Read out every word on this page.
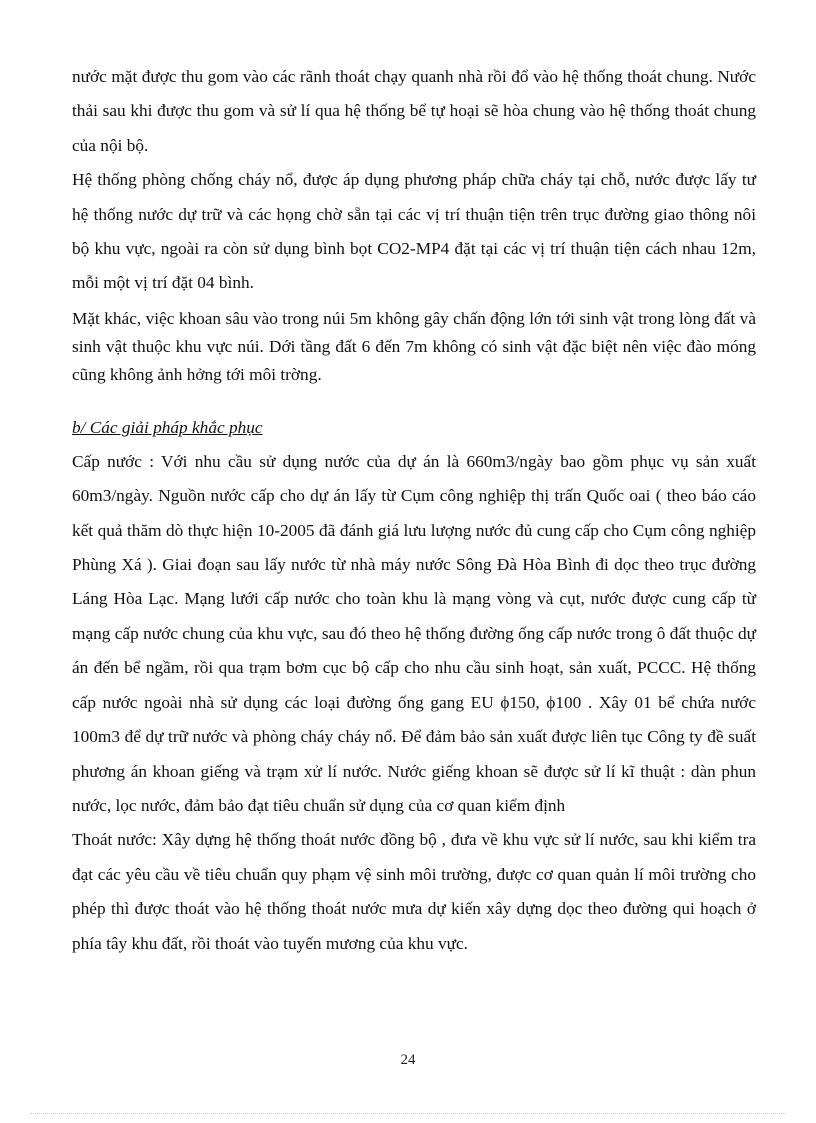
nước mặt được thu gom vào các rãnh thoát chạy quanh nhà rồi đổ vào hệ thống thoát chung. Nước thải sau khi được thu gom và sử lí qua hệ thống bể tự hoại sẽ hòa chung vào hệ thống thoát chung của nội bộ.

Hệ thống phòng chống cháy nổ, được áp dụng phương pháp chữa cháy tại chỗ, nước được lấy tư hệ thống nước dự trữ và các họng chờ sẵn tại các vị trí thuận tiện trên trục đường giao thông nôi bộ khu vực, ngoài ra còn sử dụng bình bọt CO2-MP4 đặt tại các vị trí thuận tiện cách nhau 12m, mỗi một vị trí đặt 04 bình.

Mặt khác, việc khoan sâu vào trong núi 5m không gây chấn động lớn tới sinh vật trong lòng đất và sinh vật thuộc khu vực núi. Dới tầng đất 6 đến 7m không có sinh vật đặc biệt nên việc đào móng cũng không ảnh hởng tới môi trờng.

b/ Các giải pháp khắc phục

Cấp nước : Với nhu cầu sử dụng nước của dự án là 660m3/ngày bao gồm phục vụ sản xuất 60m3/ngày. Nguồn nước cấp cho dự án lấy từ Cụm công nghiệp thị trấn Quốc oai ( theo báo cáo kết quả thăm dò thực hiện 10-2005 đã đánh giá lưu lượng nước đủ cung cấp cho Cụm công nghiệp Phùng Xá ). Giai đoạn sau lấy nước từ nhà máy nước Sông Đà Hòa Bình đi dọc theo trục đường Láng Hòa Lạc. Mạng lưới cấp nước cho toàn khu là mạng vòng và cụt, nước được cung cấp từ mạng cấp nước chung của khu vực, sau đó theo hệ thống đường ống cấp nước trong ô đất thuộc dự án đến bể ngầm, rồi qua trạm bơm cục bộ cấp cho nhu cầu sinh hoạt, sản xuất, PCCC. Hệ thống cấp nước ngoài nhà sử dụng các loại đường ống gang EU ϕ150, ϕ100 . Xây 01 bể chứa nước 100m3 để dự trữ nước và phòng cháy cháy nổ. Để đảm bảo sản xuất được liên tục Công ty đề suất phương án khoan giếng và trạm xử lí nước. Nước giếng khoan sẽ được sử lí kĩ thuật : dàn phun nước, lọc nước, đảm bảo đạt tiêu chuẩn sử dụng của cơ quan kiểm định

Thoát nước: Xây dựng hệ thống thoát nước đồng bộ , đưa về khu vực sử lí nước, sau khi kiểm tra đạt các yêu cầu về tiêu chuẩn quy phạm vệ sinh môi trường, được cơ quan quản lí môi trường cho phép thì được thoát vào hệ thống thoát nước mưa dự kiến xây dựng dọc theo đường qui hoạch ở phía tây khu đất, rồi thoát vào tuyến mương của khu vực.

24
